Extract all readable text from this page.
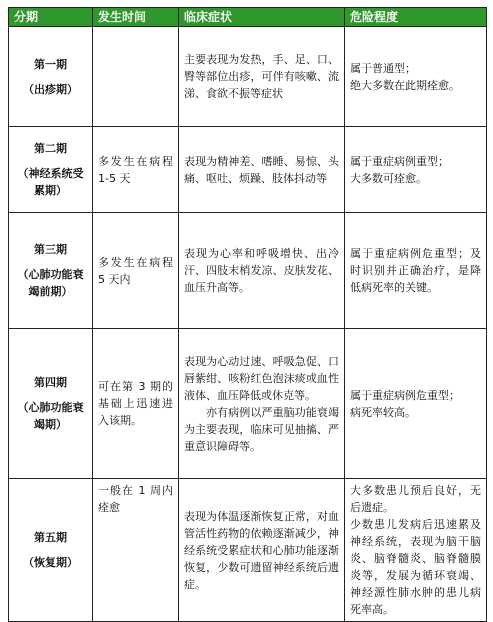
分期	发生时间	临床症状	危险程度

第一期
（出疹期）		主要表现为发热，手、足、口、臀等部位出疹，可伴有咳嗽、流涕、食欲不振等症状	属于普通型；
绝大多数在此期痊愈。

第二期
（神经系统受累期）	多发生在病程 1-5 天	表现为精神差、嗜睡、易惊、头痛、呕吐、烦躁、肢体抖动等	属于重症病例重型；
大多数可痊愈。

第三期
（心肺功能衰竭前期）	多发生在病程 5 天内	表现为心率和呼吸增快、出冷汗、四肢末梢发凉、皮肤发花、血压升高等。	属于重症病例危重型；及时识别并正确治疗，是降低病死率的关键。

第四期
（心肺功能衰竭期）	可在第 3 期的基础上迅速进入该期。	表现为心动过速、呼吸急促、口唇紫绀、咳粉红色泡沫痰或血性液体、血压降低或休克等。
亦有病例以严重脑功能衰竭为主要表现，临床可见抽搐、严重意识障碍等。	属于重症病例危重型；
病死率较高。

第五期
（恢复期）	一般在 1 周内痊愈	表现为体温逐渐恢复正常，对血管活性药物的依赖逐渐减少，神经系统受累症状和心肺功能逐渐恢复，少数可遗留神经系统后遗症。	大多数患儿预后良好，无后遗症。
少数患儿发病后迅速累及神经系统，表现为脑干脑炎、脑脊髓炎、脑脊髓膜炎等，发展为循环衰竭、神经源性肺水肿的患儿病死率高。
